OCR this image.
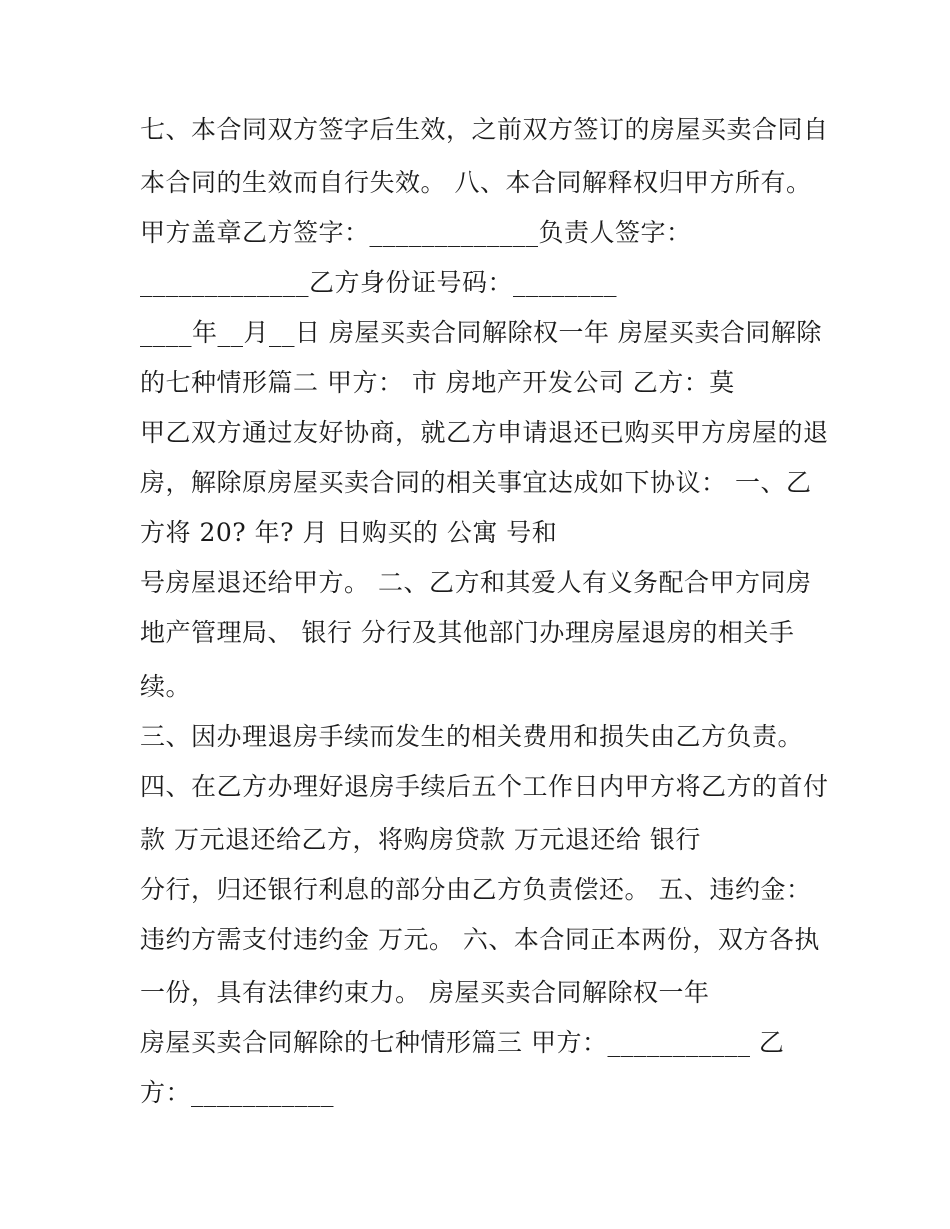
七、本合同双方签字后生效，之前双方签订的房屋买卖合同自
本合同的生效而自行失效。 八、本合同解释权归甲方所有。
甲方盖章乙方签字：_____________负责人签字：
_____________乙方身份证号码：________
____年__月__日 房屋买卖合同解除权一年 房屋买卖合同解除
的七种情形篇二 甲方： 市 房地产开发公司 乙方：莫
甲乙双方通过友好协商，就乙方申请退还已购买甲方房屋的退
房，解除原房屋买卖合同的相关事宜达成如下协议： 一、乙
方将 20? 年? 月 日购买的 公寓 号和
号房屋退还给甲方。 二、乙方和其爱人有义务配合甲方同房
地产管理局、 银行 分行及其他部门办理房屋退房的相关手
续。
三、因办理退房手续而发生的相关费用和损失由乙方负责。
四、在乙方办理好退房手续后五个工作日内甲方将乙方的首付
款 万元退还给乙方，将购房贷款 万元退还给 银行
分行，归还银行利息的部分由乙方负责偿还。 五、违约金：
违约方需支付违约金 万元。 六、本合同正本两份，双方各执
一份，具有法律约束力。 房屋买卖合同解除权一年
房屋买卖合同解除的七种情形篇三 甲方：___________ 乙
方：___________
